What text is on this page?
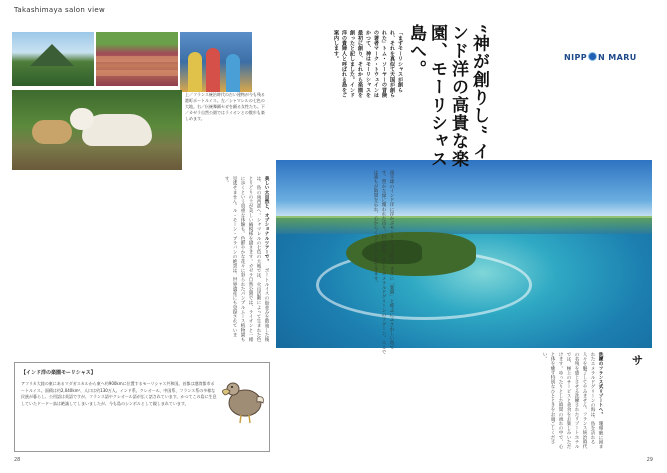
Takashimaya salon view
上／フランス統治時代の古い建物が今も残る港町ポートルイス。左／シャマレルの七色の大地。右／伝統舞踊セガを踊る女性たち。下／カゼラ自然公園ではライオンとの散歩も楽しめます。	“神が創りし” インド洋の高貴な楽園、モーリシャス島へ。
「まずモーリシャスが創られ、それを真似て天国が創られた」トム・ソーヤーの冒険の著者マーク・トウェインはかつて、神はモーリシャスを最初に創り、それから楽園を創ったと記しました。インド洋の貴婦人と呼ばれる島をご案内します。	NIPP N MARU
南半球のインド洋に浮かぶモーリシャス島は、まさに「楽園」と呼ぶにふさわしい島です。豊かな緑に覆われた山々、白い砂浜、そしてエメラルドグリーンのラグーン。ここでは誰もが時間を忘れ、心からくつろぐことができます。
美しい大自然と、オプショナルツアーで。　ポートルイスの街並みを散策した後は、島の南西部へ。シャマレルの七色の大地では、火山活動によって生まれた色とりどりの土が美しい縞模様を描きます。カゼラ自然公園では、ライオンと一緒に歩くという貴重な体験も。色鮮やかな花々に彩られたパンプルムース植物園も見逃せません。ル・モーン・ブラバンの絶景は、世界遺産にも登録されています。
洗練のフランス式リゾートへ。　珊瑚礁に囲まれたエメラルドグリーンの海は、島を訪れる人々を魅了してやみません。フランス統治時代の名残を感じさせる洗練されたリゾートホテルでは、極上のサービスと美食をお楽しみいただけます。ゆったりとした時間の流れの中で、心と体を癒す特別なひとときをお過ごしください。	サ
【インド洋の楽園モーリシャス】
アフリカ大陸の東にあるマダガスカルから東へ約900kmに位置するモーリシャス共和国。首都は港湾都市ポートルイス。面積は約2,040km²、人口は約130万人。インド系、クレオール、中国系、フランス系の多様な民族が暮らし、公用語は英語ですが、フランス語やクレオール語が広く話されています。かつてこの島に生息していたドードー鳥は絶滅してしまいましたが、今も島のシンボルとして親しまれています。
28	29
